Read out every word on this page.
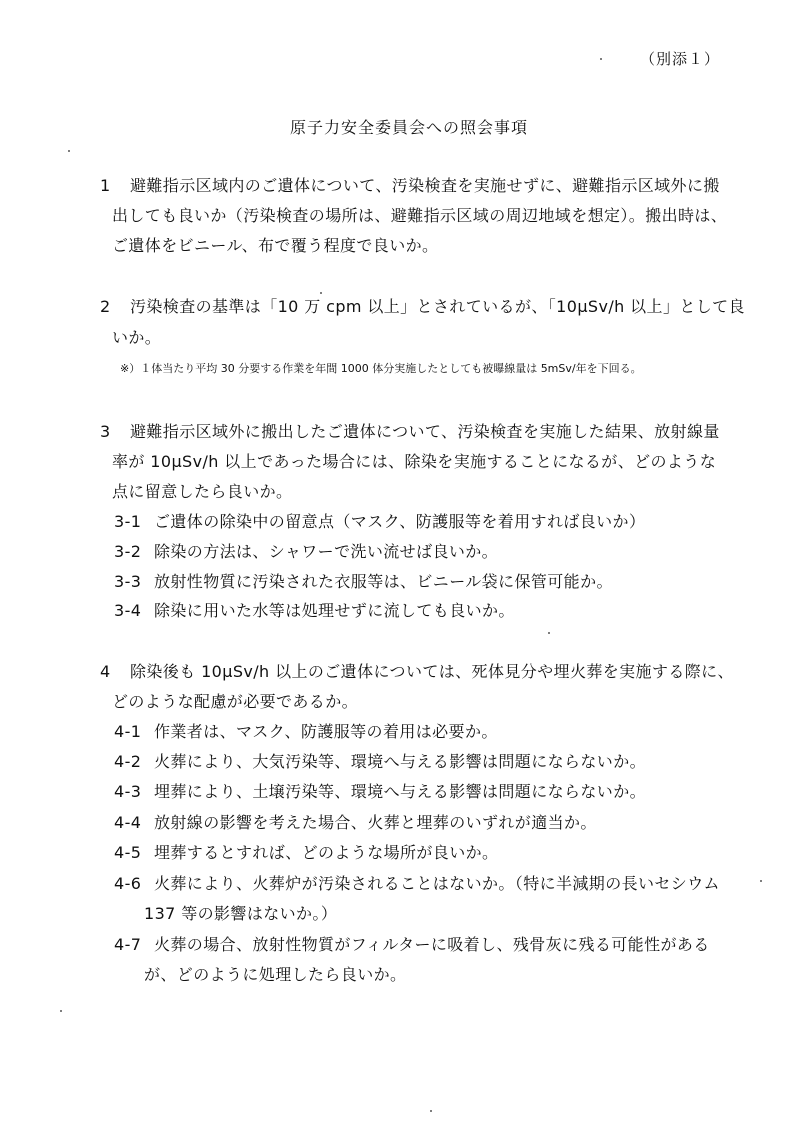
（別添１）
原子力安全委員会への照会事項
1 避難指示区域内のご遺体について、汚染検査を実施せずに、避難指示区域外に搬
出しても良いか（汚染検査の場所は、避難指示区域の周辺地域を想定）。搬出時は、
ご遺体をビニール、布で覆う程度で良いか。
2 汚染検査の基準は「10 万 cpm 以上」とされているが、「10μSv/h 以上」として良
いか。
※）１体当たり平均 30 分要する作業を年間 1000 体分実施したとしても被曝線量は 5mSv/年を下回る。
3 避難指示区域外に搬出したご遺体について、汚染検査を実施した結果、放射線量
率が 10μSv/h 以上であった場合には、除染を実施することになるが、どのような
点に留意したら良いか。
3-1 ご遺体の除染中の留意点（マスク、防護服等を着用すれば良いか）
3-2 除染の方法は、シャワーで洗い流せば良いか。
3-3 放射性物質に汚染された衣服等は、ビニール袋に保管可能か。
3-4 除染に用いた水等は処理せずに流しても良いか。
4 除染後も 10μSv/h 以上のご遺体については、死体見分や埋火葬を実施する際に、
どのような配慮が必要であるか。
4-1 作業者は、マスク、防護服等の着用は必要か。
4-2 火葬により、大気汚染等、環境へ与える影響は問題にならないか。
4-3 埋葬により、土壌汚染等、環境へ与える影響は問題にならないか。
4-4 放射線の影響を考えた場合、火葬と埋葬のいずれが適当か。
4-5 埋葬するとすれば、どのような場所が良いか。
4-6 火葬により、火葬炉が汚染されることはないか。（特に半減期の長いセシウム
137 等の影響はないか。）
4-7 火葬の場合、放射性物質がフィルターに吸着し、残骨灰に残る可能性がある
が、どのように処理したら良いか。
